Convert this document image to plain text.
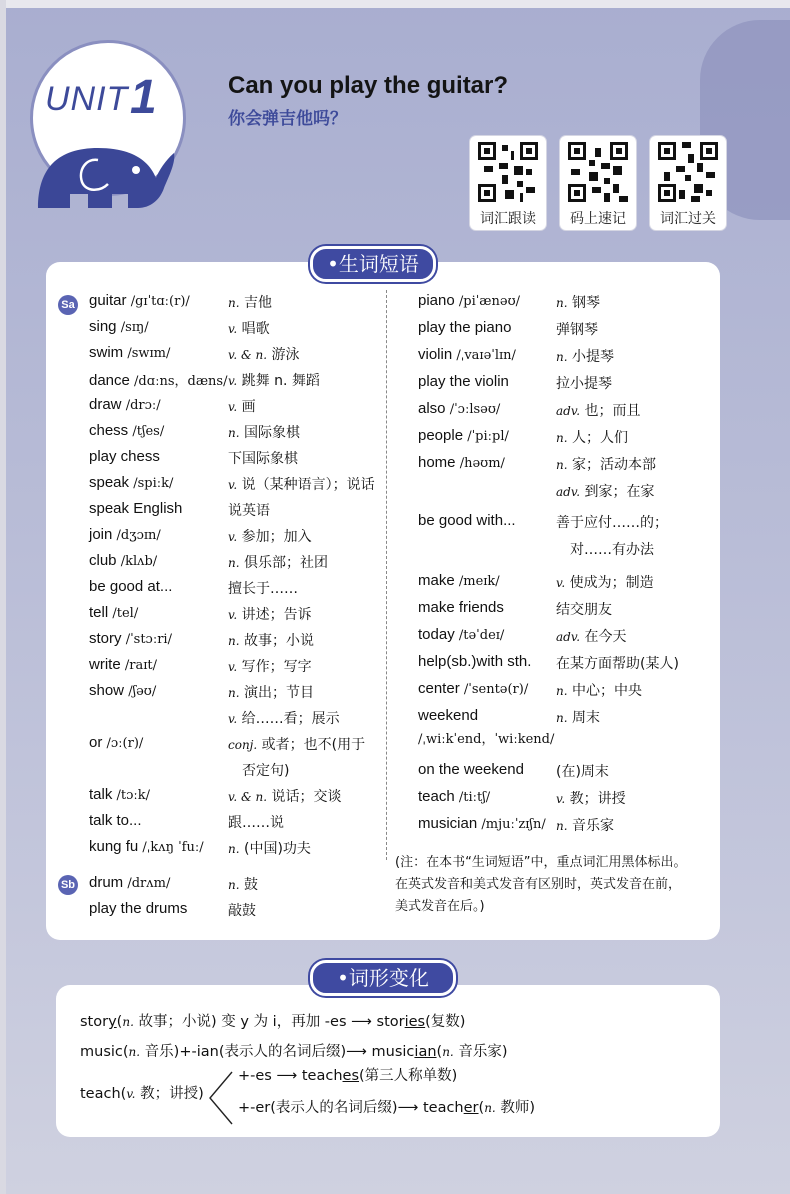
UNIT 1	Can you play the guitar?
你会弹吉他吗？
词汇跟读	码上速记	词汇过关
•生词短语
Sa
Sb
guitar /gɪˈtɑː(r)/	n. 吉他
sing /sɪŋ/	v. 唱歌
swim /swɪm/	v. & n. 游泳
dance /dɑːns，dæns/ v. 跳舞 n. 舞蹈
draw /drɔː/	v. 画
chess /tʃes/	n. 国际象棋
play chess	下国际象棋
speak /spiːk/	v. 说（某种语言）；说话
speak English	说英语
join /dʒɔɪn/	v. 参加；加入
club /klʌb/	n. 俱乐部；社团
be good at...	擅长于……
tell /tel/	v. 讲述；告诉
story /ˈstɔːri/	n. 故事；小说
write /raɪt/	v. 写作；写字
show /ʃəʊ/	n. 演出；节目
v. 给……看；展示
or /ɔː(r)/	conj. 或者；也不(用于
否定句)
talk /tɔːk/	v. & n. 说话；交谈
talk to...	跟……说
kung fu /ˌkʌŋ ˈfuː/ n. (中国)功夫
drum /drʌm/	n. 鼓
play the drums	敲鼓
piano /piˈænəʊ/	n. 钢琴
play the piano	弹钢琴
violin /ˌvaɪəˈlɪn/	n. 小提琴
play the violin	拉小提琴
also /ˈɔːlsəʊ/	adv. 也；而且
people /ˈpiːpl/	n. 人；人们
home /həʊm/	n. 家；活动本部
adv. 到家；在家
be good with...	善于应付……的；
对……有办法
make /meɪk/	v. 使成为；制造
make friends	结交朋友
today /təˈdeɪ/	adv. 在今天
help(sb.)with sth. 在某方面帮助(某人)
center /ˈsentə(r)/ n. 中心；中央
weekend	n. 周末
/ˌwiːkˈend，ˈwiːkend/
on the weekend (在)周末
teach /tiːtʃ/	v. 教；讲授
musician /mjuːˈzɪʃn/ n. 音乐家
(注：在本书“生词短语”中，重点词汇用黑体标出。
在英式发音和美式发音有区别时，英式发音在前，
美式发音在后。)
•词形变化
story(n. 故事；小说) 变 y 为 i，再加 -es ⟶ stories(复数)
music(n. 音乐)+-ian(表示人的名词后缀)⟶ musician(n. 音乐家)
teach(v. 教；讲授)
+-es ⟶ teaches(第三人称单数)
+-er(表示人的名词后缀)⟶ teacher(n. 教师)
